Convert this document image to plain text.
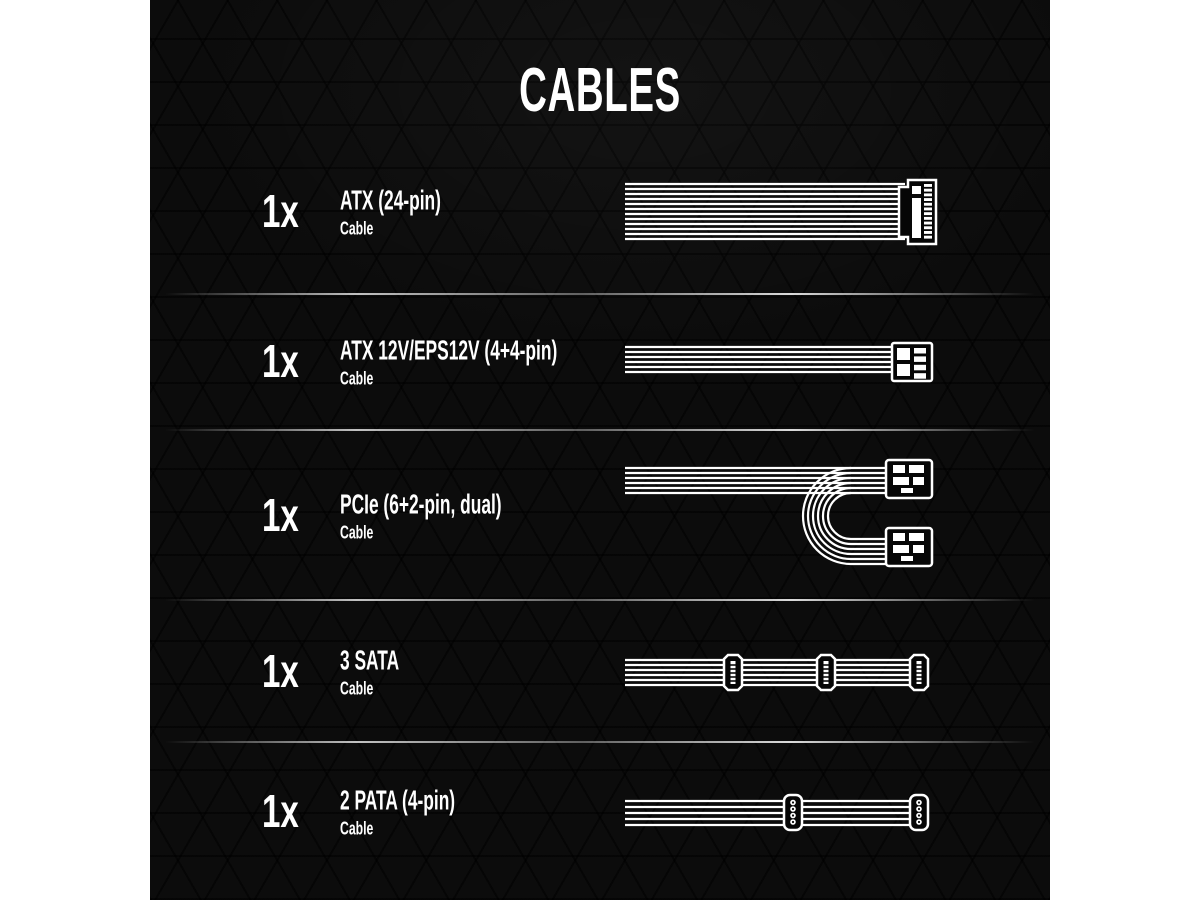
CABLES
1x ATX (24-pin)
Cable
1x ATX 12V/EPS12V (4+4-pin)
Cable
1x PCIe (6+2-pin, dual)
Cable
1x 3 SATA
Cable
1x 2 PATA (4-pin)
Cable
